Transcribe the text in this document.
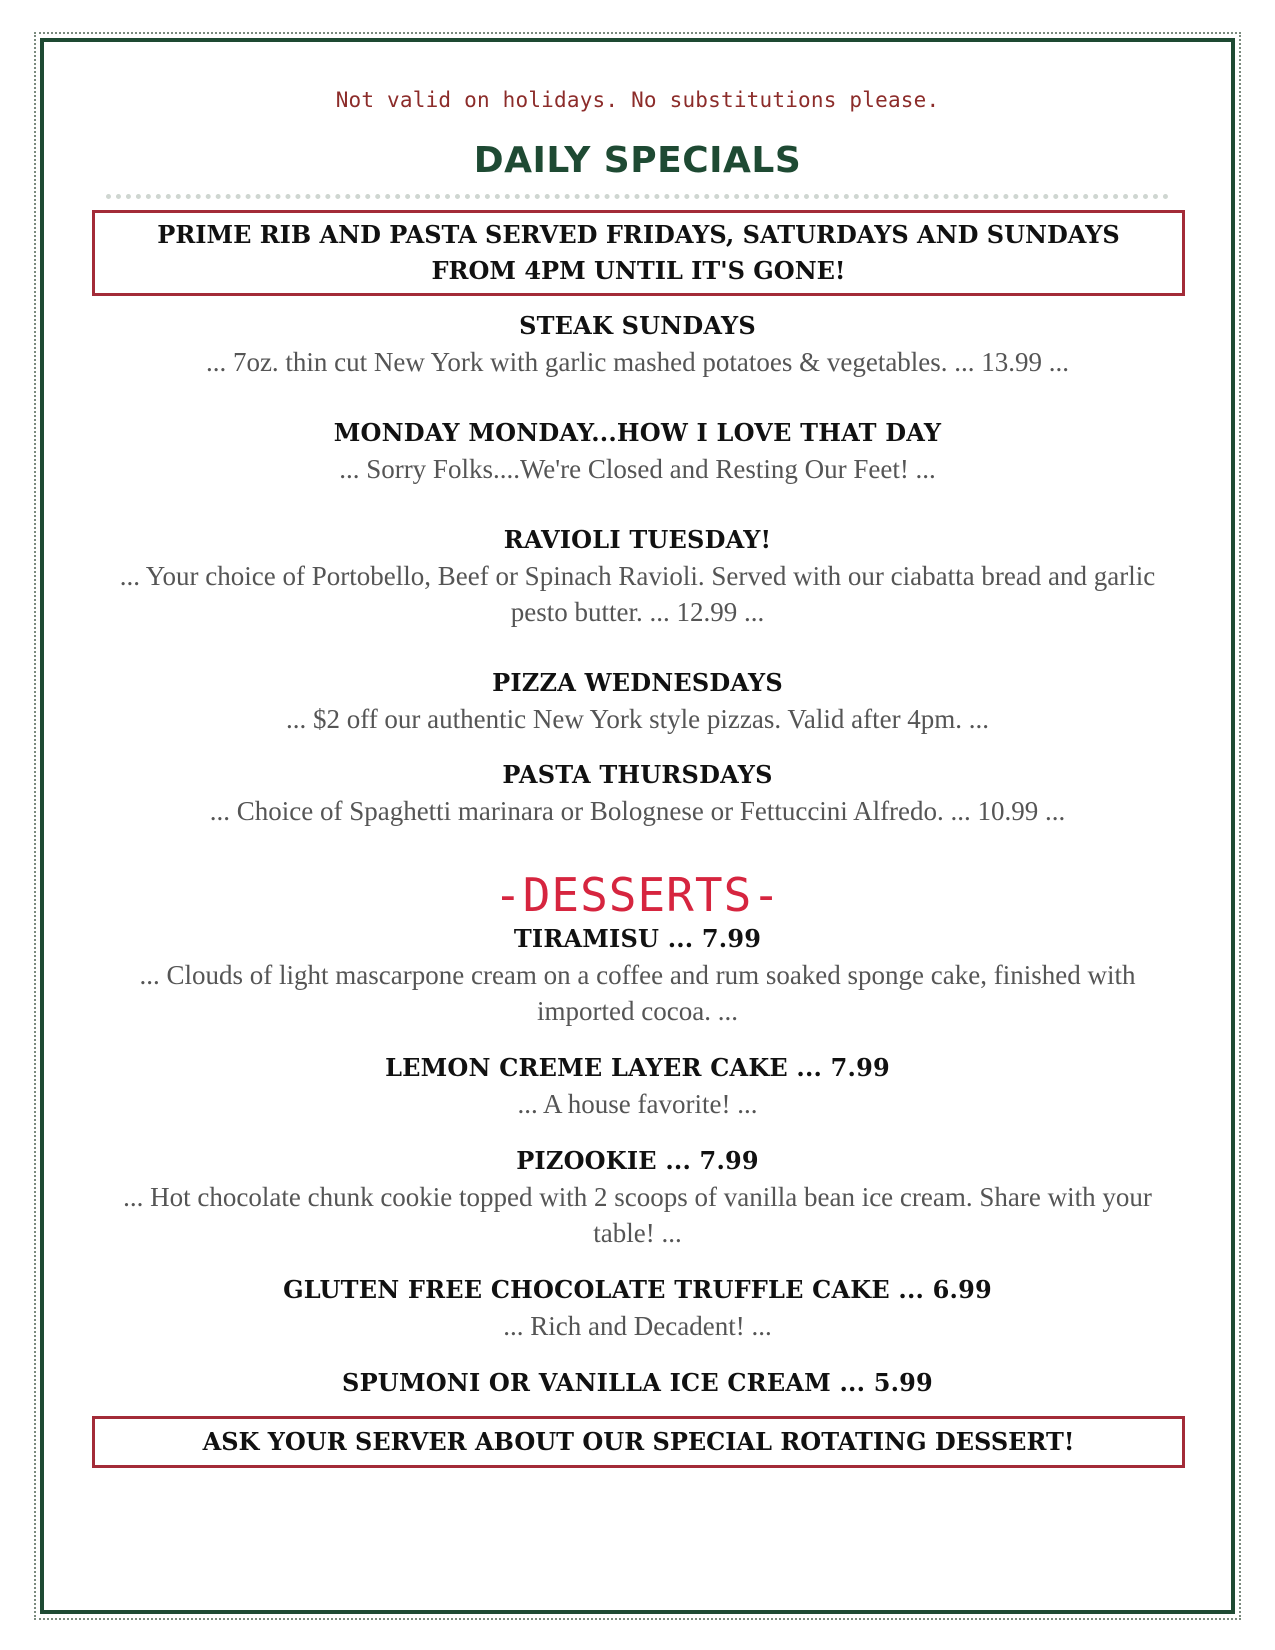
Not valid on holidays. No substitutions please.
DAILY SPECIALS
PRIME RIB AND PASTA SERVED FRIDAYS, SATURDAYS AND SUNDAYS FROM 4PM UNTIL IT'S GONE!
STEAK SUNDAYS
... 7oz. thin cut New York with garlic mashed potatoes & vegetables. ... 13.99 ...
MONDAY MONDAY...HOW I LOVE THAT DAY
... Sorry Folks....We're Closed and Resting Our Feet! ...
RAVIOLI TUESDAY!
... Your choice of Portobello, Beef or Spinach Ravioli. Served with our ciabatta bread and garlic pesto butter. ... 12.99 ...
PIZZA WEDNESDAYS
... $2 off our authentic New York style pizzas. Valid after 4pm. ...
PASTA THURSDAYS
... Choice of Spaghetti marinara or Bolognese or Fettuccini Alfredo. ... 10.99 ...
-DESSERTS-
TIRAMISU ... 7.99
... Clouds of light mascarpone cream on a coffee and rum soaked sponge cake, finished with imported cocoa. ...
LEMON CREME LAYER CAKE ... 7.99
... A house favorite! ...
PIZOOKIE ... 7.99
... Hot chocolate chunk cookie topped with 2 scoops of vanilla bean ice cream. Share with your table! ...
GLUTEN FREE CHOCOLATE TRUFFLE CAKE ... 6.99
... Rich and Decadent! ...
SPUMONI OR VANILLA ICE CREAM ... 5.99
ASK YOUR SERVER ABOUT OUR SPECIAL ROTATING DESSERT!
